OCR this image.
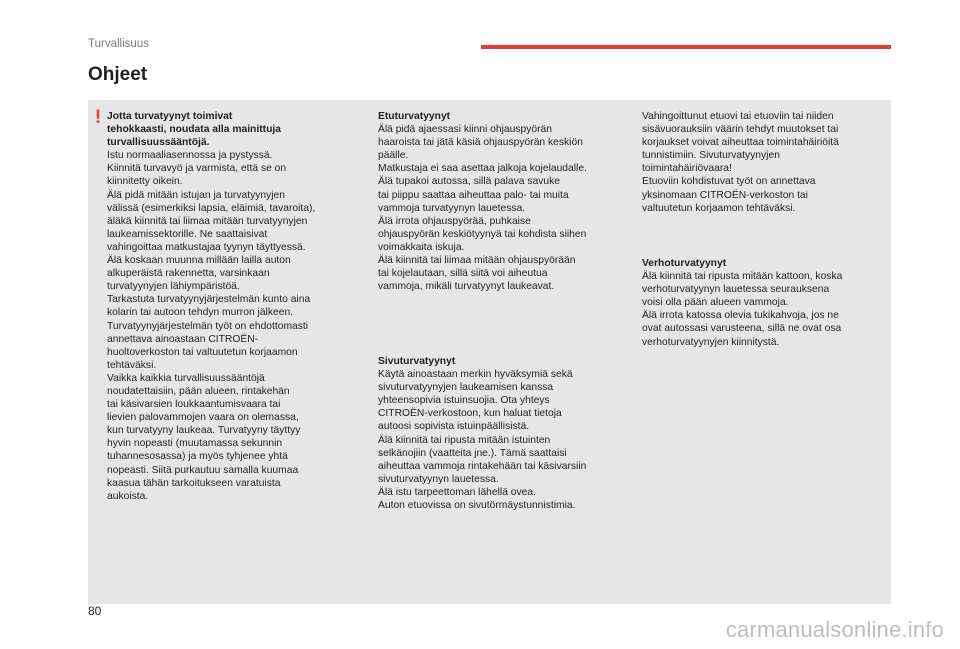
Turvallisuus
Ohjeet
! Jotta turvatyynyt toimivat
tehokkaasti, noudata alla mainittuja
turvallisuussääntöjä.

Istu normaaliasennossa ja pystyssä.
Kiinnitä turvavyö ja varmista, että se on
kiinnitetty oikein.
Älä pidä mitään istujan ja turvatyynyjen
välissä (esimerkiksi lapsia, eläimiä, tavaroita),
äläkä kiinnitä tai liimaa mitään turvatyynyjen
laukeamissektorille. Ne saattaisivat
vahingoittaa matkustajaa tyynyn täyttyessä.
Älä koskaan muunna millään lailla auton
alkuperäistä rakennetta, varsinkaan
turvatyynyjen lähiympäristöä.
Tarkastuta turvatyynyjärjestelmän kunto aina
kolarin tai autoon tehdyn murron jälkeen.
Turvatyynyjärjestelmän työt on ehdottomasti
annettava ainoastaan CITROËN-
huoltoverkoston tai valtuutetun korjaamon
tehtäväksi.
Vaikka kaikkia turvallisuussääntöjä
noudatettaisiin, pään alueen, rintakehän
tai käsivarsien loukkaantumisvaara tai
lievien palovammojen vaara on olemassa,
kun turvatyyny laukeaa. Turvatyyny täyttyy
hyvin nopeasti (muutamassa sekunnin
tuhannesosassa) ja myös tyhjenee yhtä
nopeasti. Siitä purkautuu samalla kuumaa
kaasua tähän tarkoitukseen varatuista
aukoista.

Etuturvatyynyt

Älä pidä ajaessasi kiinni ohjauspyörän
haaroista tai jätä käsiä ohjauspyörän keskiön
päälle.
Matkustaja ei saa asettaa jalkoja kojelaudalle.
Älä tupakoi autossa, sillä palava savuke
tai piippu saattaa aiheuttaa palo- tai muita
vammoja turvatyynyn lauetessa.
Älä irrota ohjauspyörää, puhkaise
ohjauspyörän keskiötyynyä tai kohdista siihen
voimakkaita iskuja.
Älä kiinnitä tai liimaa mitään ohjauspyörään
tai kojelautaan, sillä siitä voi aiheutua
vammoja, mikäli turvatyynyt laukeavat.

Sivuturvatyynyt

Käytä ainoastaan merkin hyväksymiä sekä
sivuturvatyynyjen laukeamisen kanssa
yhteensopivia istuinsuojia. Ota yhteys
CITROËN-verkostoon, kun haluat tietoja
autoosi sopivista istuinpäällisistä.
Älä kiinnitä tai ripusta mitään istuinten
selkänojiin (vaatteita jne.). Tämä saattaisi
aiheuttaa vammoja rintakehään tai käsivarsiin
sivuturvatyynyn lauetessa.
Älä istu tarpeettoman lähellä ovea.
Auton etuovissa on sivutörmäystunnistimia.

Vahingoittunut etuovi tai etuoviin tai niiden
sisävuorauksiin väärin tehdyt muutokset tai
korjaukset voivat aiheuttaa toimintahäiriöitä
tunnistimiin. Sivuturvatyynyjen
toimintahäiriövaara!
Etuoviin kohdistuvat työt on annettava
yksinomaan CITROËN-verkoston tai
valtuutetun korjaamon tehtäväksi.

Verhoturvatyynyt

Älä kiinnitä tai ripusta mitään kattoon, koska
verhoturvatyynyn lauetessa seurauksena
voisi olla pään alueen vammoja.
Älä irrota katossa olevia tukikahvoja, jos ne
ovat autossasi varusteena, sillä ne ovat osa
verhoturvatyynyjen kiinnitystä.

80
carmanualsonline.info
